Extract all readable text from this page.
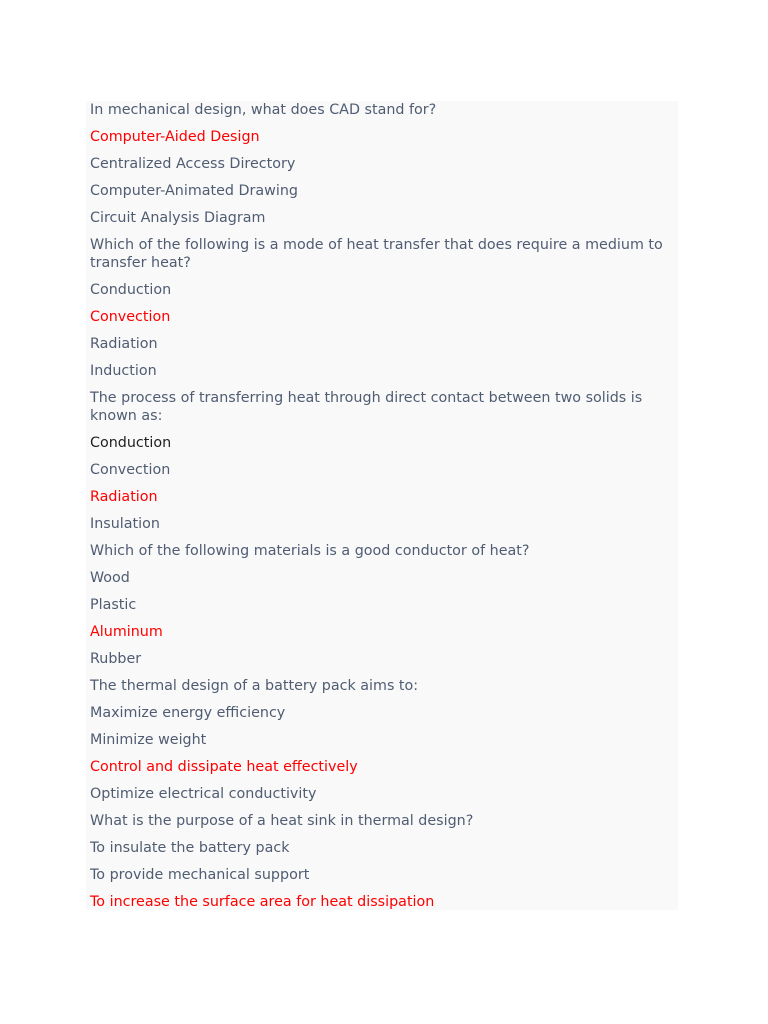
In mechanical design, what does CAD stand for?

Computer-Aided Design

Centralized Access Directory

Computer-Animated Drawing

Circuit Analysis Diagram

Which of the following is a mode of heat transfer that does require a medium to transfer heat?

Conduction

Convection

Radiation

Induction

The process of transferring heat through direct contact between two solids is known as:

Conduction

Convection

Radiation

Insulation

Which of the following materials is a good conductor of heat?

Wood

Plastic

Aluminum

Rubber

The thermal design of a battery pack aims to:

Maximize energy efficiency

Minimize weight

Control and dissipate heat effectively

Optimize electrical conductivity

What is the purpose of a heat sink in thermal design?

To insulate the battery pack

To provide mechanical support

To increase the surface area for heat dissipation
